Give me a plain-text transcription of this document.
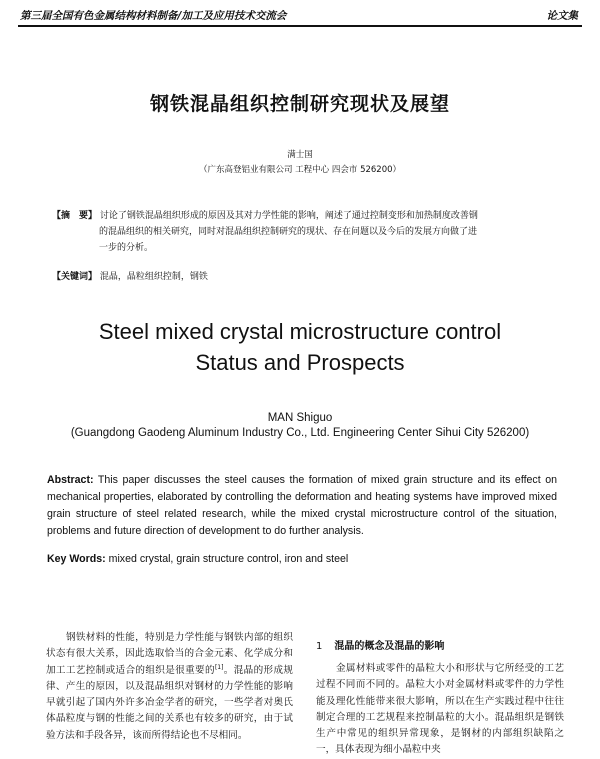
第三届全国有色金属结构材料制备/加工及应用技术交流会	论文集
钢铁混晶组织控制研究现状及展望
满士国
（广东高登铝业有限公司 工程中心 四会市 526200）
【摘　要】 讨论了钢铁混晶组织形成的原因及其对力学性能的影响，阐述了通过控制变形和加热制度改善钢
的混晶组织的相关研究，同时对混晶组织控制研究的现状、存在问题以及今后的发展方向做了进
一步的分析。
【关键词】 混晶，晶粒组织控制，钢铁
Steel mixed crystal microstructure control
Status and Prospects
MAN Shiguo
(Guangdong Gaodeng Aluminum Industry Co., Ltd. Engineering Center Sihui City 526200)
Abstract: This paper discusses the steel causes the formation of mixed grain structure and its effect on mechanical properties, elaborated by controlling the deformation and heating systems have improved mixed grain structure of steel related research, while the mixed crystal microstructure control of the situation, problems and future direction of development to do further analysis.
Key Words: mixed crystal, grain structure control, iron and steel
钢铁材料的性能，特别是力学性能与钢铁内部的组织状态有很大关系，因此选取恰当的合金元素、化学成分和加工工艺控制或适合的组织是很重要的[1]。混晶的形成规律、产生的原因，以及混晶组织对钢材的力学性能的影响早就引起了国内外许多冶金学者的研究，一些学者对奥氏体晶粒度与钢的性能之间的关系也有较多的研究，由于试验方法和手段各异，该而所得结论也不尽相同。
1 混晶的概念及混晶的影响
金属材料或零件的晶粒大小和形状与它所经受的工艺过程不同而不同的。晶粒大小对金属材料或零件的力学性能及理化性能带来很大影响，所以在生产实践过程中往往制定合理的工艺规程来控制晶粒的大小。混晶组织是钢铁生产中常见的组织异常现象，是钢材的内部组织缺陷之一，具体表现为细小晶粒中夹
